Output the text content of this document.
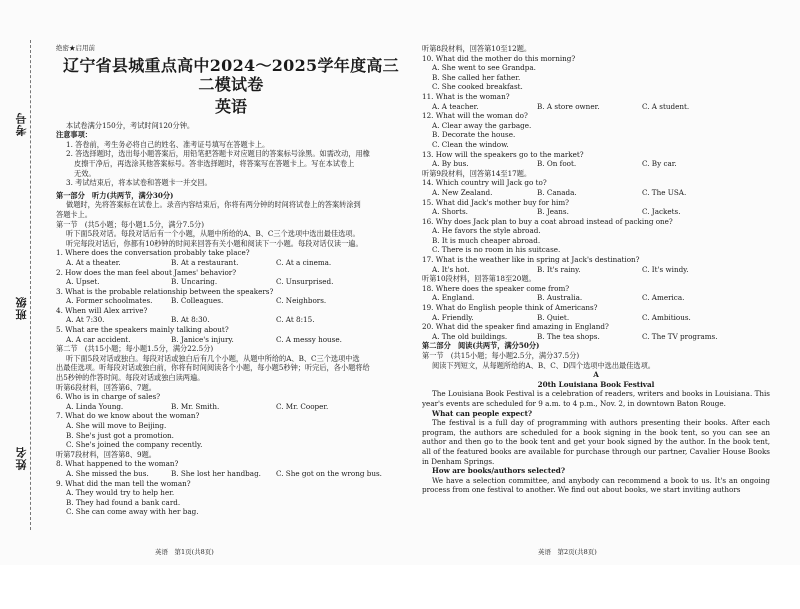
考号
班级
姓名
绝密★启用前
辽宁省县城重点高中2024～2025学年度高三二模试卷
英语
本试卷满分150分，考试时间120分钟。
注意事项：
1. 答卷前，考生务必将自己的姓名、准考证号填写在答题卡上。
2. 答选择题时，选出每小题答案后，用铅笔把答题卡对应题目的答案标号涂黑。如需改动，用橡
皮擦干净后，再选涂其他答案标号。答非选择题时，将答案写在答题卡上。写在本试卷上
无效。
3. 考试结束后，将本试卷和答题卡一并交回。
第一部分　听力(共两节，满分30分)
做题时，先将答案标在试卷上。录音内容结束后，你将有两分钟的时间将试卷上的答案转涂到
答题卡上。
第一节　(共5小题；每小题1.5分，满分7.5分)
听下面5段对话。每段对话后有一个小题，从题中所给的A、B、C三个选项中选出最佳选项。
听完每段对话后，你都有10秒钟的时间来回答有关小题和阅读下一小题。每段对话仅读一遍。
1. Where does the conversation probably take place?
A. At a theater.	B. At a restaurant.	C. At a cinema.
2. How does the man feel about James' behavior?
A. Upset.	B. Uncaring.	C. Unsurprised.
3. What is the probable relationship between the speakers?
A. Former schoolmates.	B. Colleagues.	C. Neighbors.
4. When will Alex arrive?
A. At 7:30.	B. At 8:30.	C. At 8:15.
5. What are the speakers mainly talking about?
A. A car accident.	B. Janice's injury.	C. A messy house.
第二节　(共15小题；每小题1.5分，满分22.5分)
听下面5段对话或独白。每段对话或独白后有几个小题，从题中所给的A、B、C三个选项中选
出最佳选项。听每段对话或独白前，你将有时间阅读各个小题，每小题5秒钟；听完后，各小题将给
出5秒钟的作答时间。每段对话或独白读两遍。
听第6段材料，回答第6、7题。
6. Who is in charge of sales?
A. Linda Young.	B. Mr. Smith.	C. Mr. Cooper.
7. What do we know about the woman?
A. She will move to Beijing.
B. She's just got a promotion.
C. She's joined the company recently.
听第7段材料，回答第8、9题。
8. What happened to the woman?
A. She missed the bus.	B. She lost her handbag.	C. She got on the wrong bus.
9. What did the man tell the woman?
A. They would try to help her.
B. They had found a bank card.
C. She can come away with her bag.
英语　第1页(共8页)
听第8段材料，回答第10至12题。
10. What did the mother do this morning?
A. She went to see Grandpa.
B. She called her father.
C. She cooked breakfast.
11. What is the woman?
A. A teacher.	B. A store owner.	C. A student.
12. What will the woman do?
A. Clear away the garbage.
B. Decorate the house.
C. Clean the window.
13. How will the speakers go to the market?
A. By bus.	B. On foot.	C. By car.
听第9段材料，回答第14至17题。
14. Which country will Jack go to?
A. New Zealand.	B. Canada.	C. The USA.
15. What did Jack's mother buy for him?
A. Shorts.	B. Jeans.	C. Jackets.
16. Why does Jack plan to buy a coat abroad instead of packing one?
A. He favors the style abroad.
B. It is much cheaper abroad.
C. There is no room in his suitcase.
17. What is the weather like in spring at Jack's destination?
A. It's hot.	B. It's rainy.	C. It's windy.
听第10段材料，回答第18至20题。
18. Where does the speaker come from?
A. England.	B. Australia.	C. America.
19. What do English people think of Americans?
A. Friendly.	B. Quiet.	C. Ambitious.
20. What did the speaker find amazing in England?
A. The old buildings.	B. The tea shops.	C. The TV programs.
第二部分　阅读(共两节，满分50分)
第一节　(共15小题；每小题2.5分，满分37.5分)
阅读下列短文，从每题所给的A、B、C、D四个选项中选出最佳选项。
A
20th Louisiana Book Festival
The Louisiana Book Festival is a celebration of readers, writers and books in Louisiana. This year's events are scheduled for 9 a.m. to 4 p.m., Nov. 2, in downtown Baton Rouge.
What can people expect?
The festival is a full day of programming with authors presenting their books. After each program, the authors are scheduled for a book signing in the book tent, so you can see an author and then go to the book tent and get your book signed by the author. In the book tent, all of the featured books are available for purchase through our partner, Cavalier House Books in Denham Springs.
How are books/authors selected?
We have a selection committee, and anybody can recommend a book to us. It's an ongoing process from one festival to another. We find out about books, we start inviting authors
英语　第2页(共8页)
